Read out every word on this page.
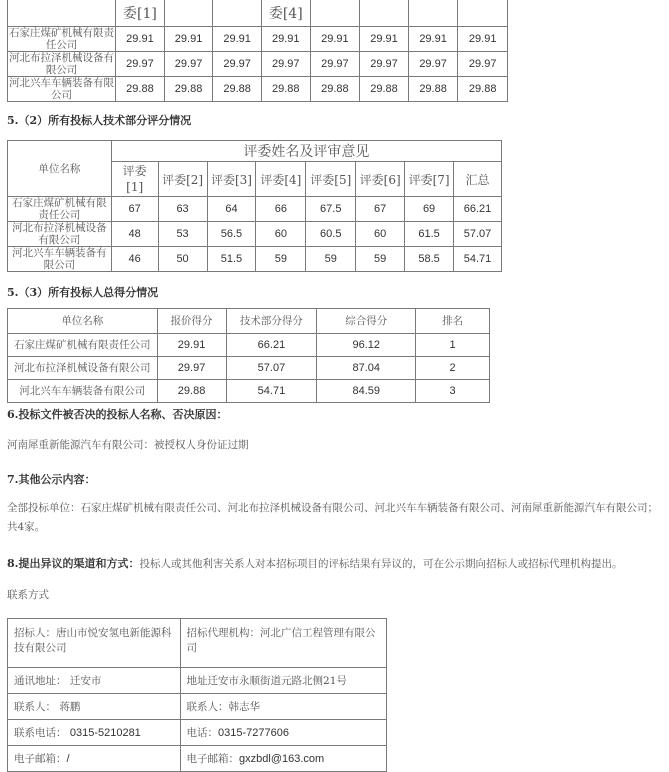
	委[1]			委[4]				
石家庄煤矿机械有限责任公司	29.91	29.91	29.91	29.91	29.91	29.91	29.91	29.91
河北布拉泽机械设备有限公司	29.97	29.97	29.97	29.97	29.97	29.97	29.97	29.97
河北兴车车辆装备有限公司	29.88	29.88	29.88	29.88	29.88	29.88	29.88	29.88
5.（2）所有投标人技术部分评分情况
单位名称	评委姓名及评审意见							
	评委[1]	评委[2]	评委[3]	评委[4]	评委[5]	评委[6]	评委[7]	汇总
石家庄煤矿机械有限责任公司	67	63	64	66	67.5	67	69	66.21
河北布拉泽机械设备有限公司	48	53	56.5	60	60.5	60	61.5	57.07
河北兴车车辆装备有限公司	46	50	51.5	59	59	59	58.5	54.71
5.（3）所有投标人总得分情况
单位名称	报价得分	技术部分得分	综合得分	排名
石家庄煤矿机械有限责任公司	29.91	66.21	96.12	1
河北布拉泽机械设备有限公司	29.97	57.07	87.04	2
河北兴车车辆装备有限公司	29.88	54.71	84.59	3
6.投标文件被否决的投标人名称、否决原因：
河南犀重新能源汽车有限公司：被授权人身份证过期
7.其他公示内容：
全部投标单位：石家庄煤矿机械有限责任公司、河北布拉泽机械设备有限公司、河北兴车车辆装备有限公司、河南犀重新能源汽车有限公司；
共4家。
8.提出异议的渠道和方式：投标人或其他利害关系人对本招标项目的评标结果有异议的，可在公示期向招标人或招标代理机构提出。
联系方式
招标人：唐山市悦安氢电新能源科技有限公司	招标代理机构：河北广信工程管理有限公司
通讯地址： 迁安市	地址迁安市永顺街道元路北侧21号
联系人： 蒋鹏	联系人：韩志华
联系电话： 0315-5210281	电话：0315-7277606
电子邮箱：/	电子邮箱：gxzbdl@163.com
